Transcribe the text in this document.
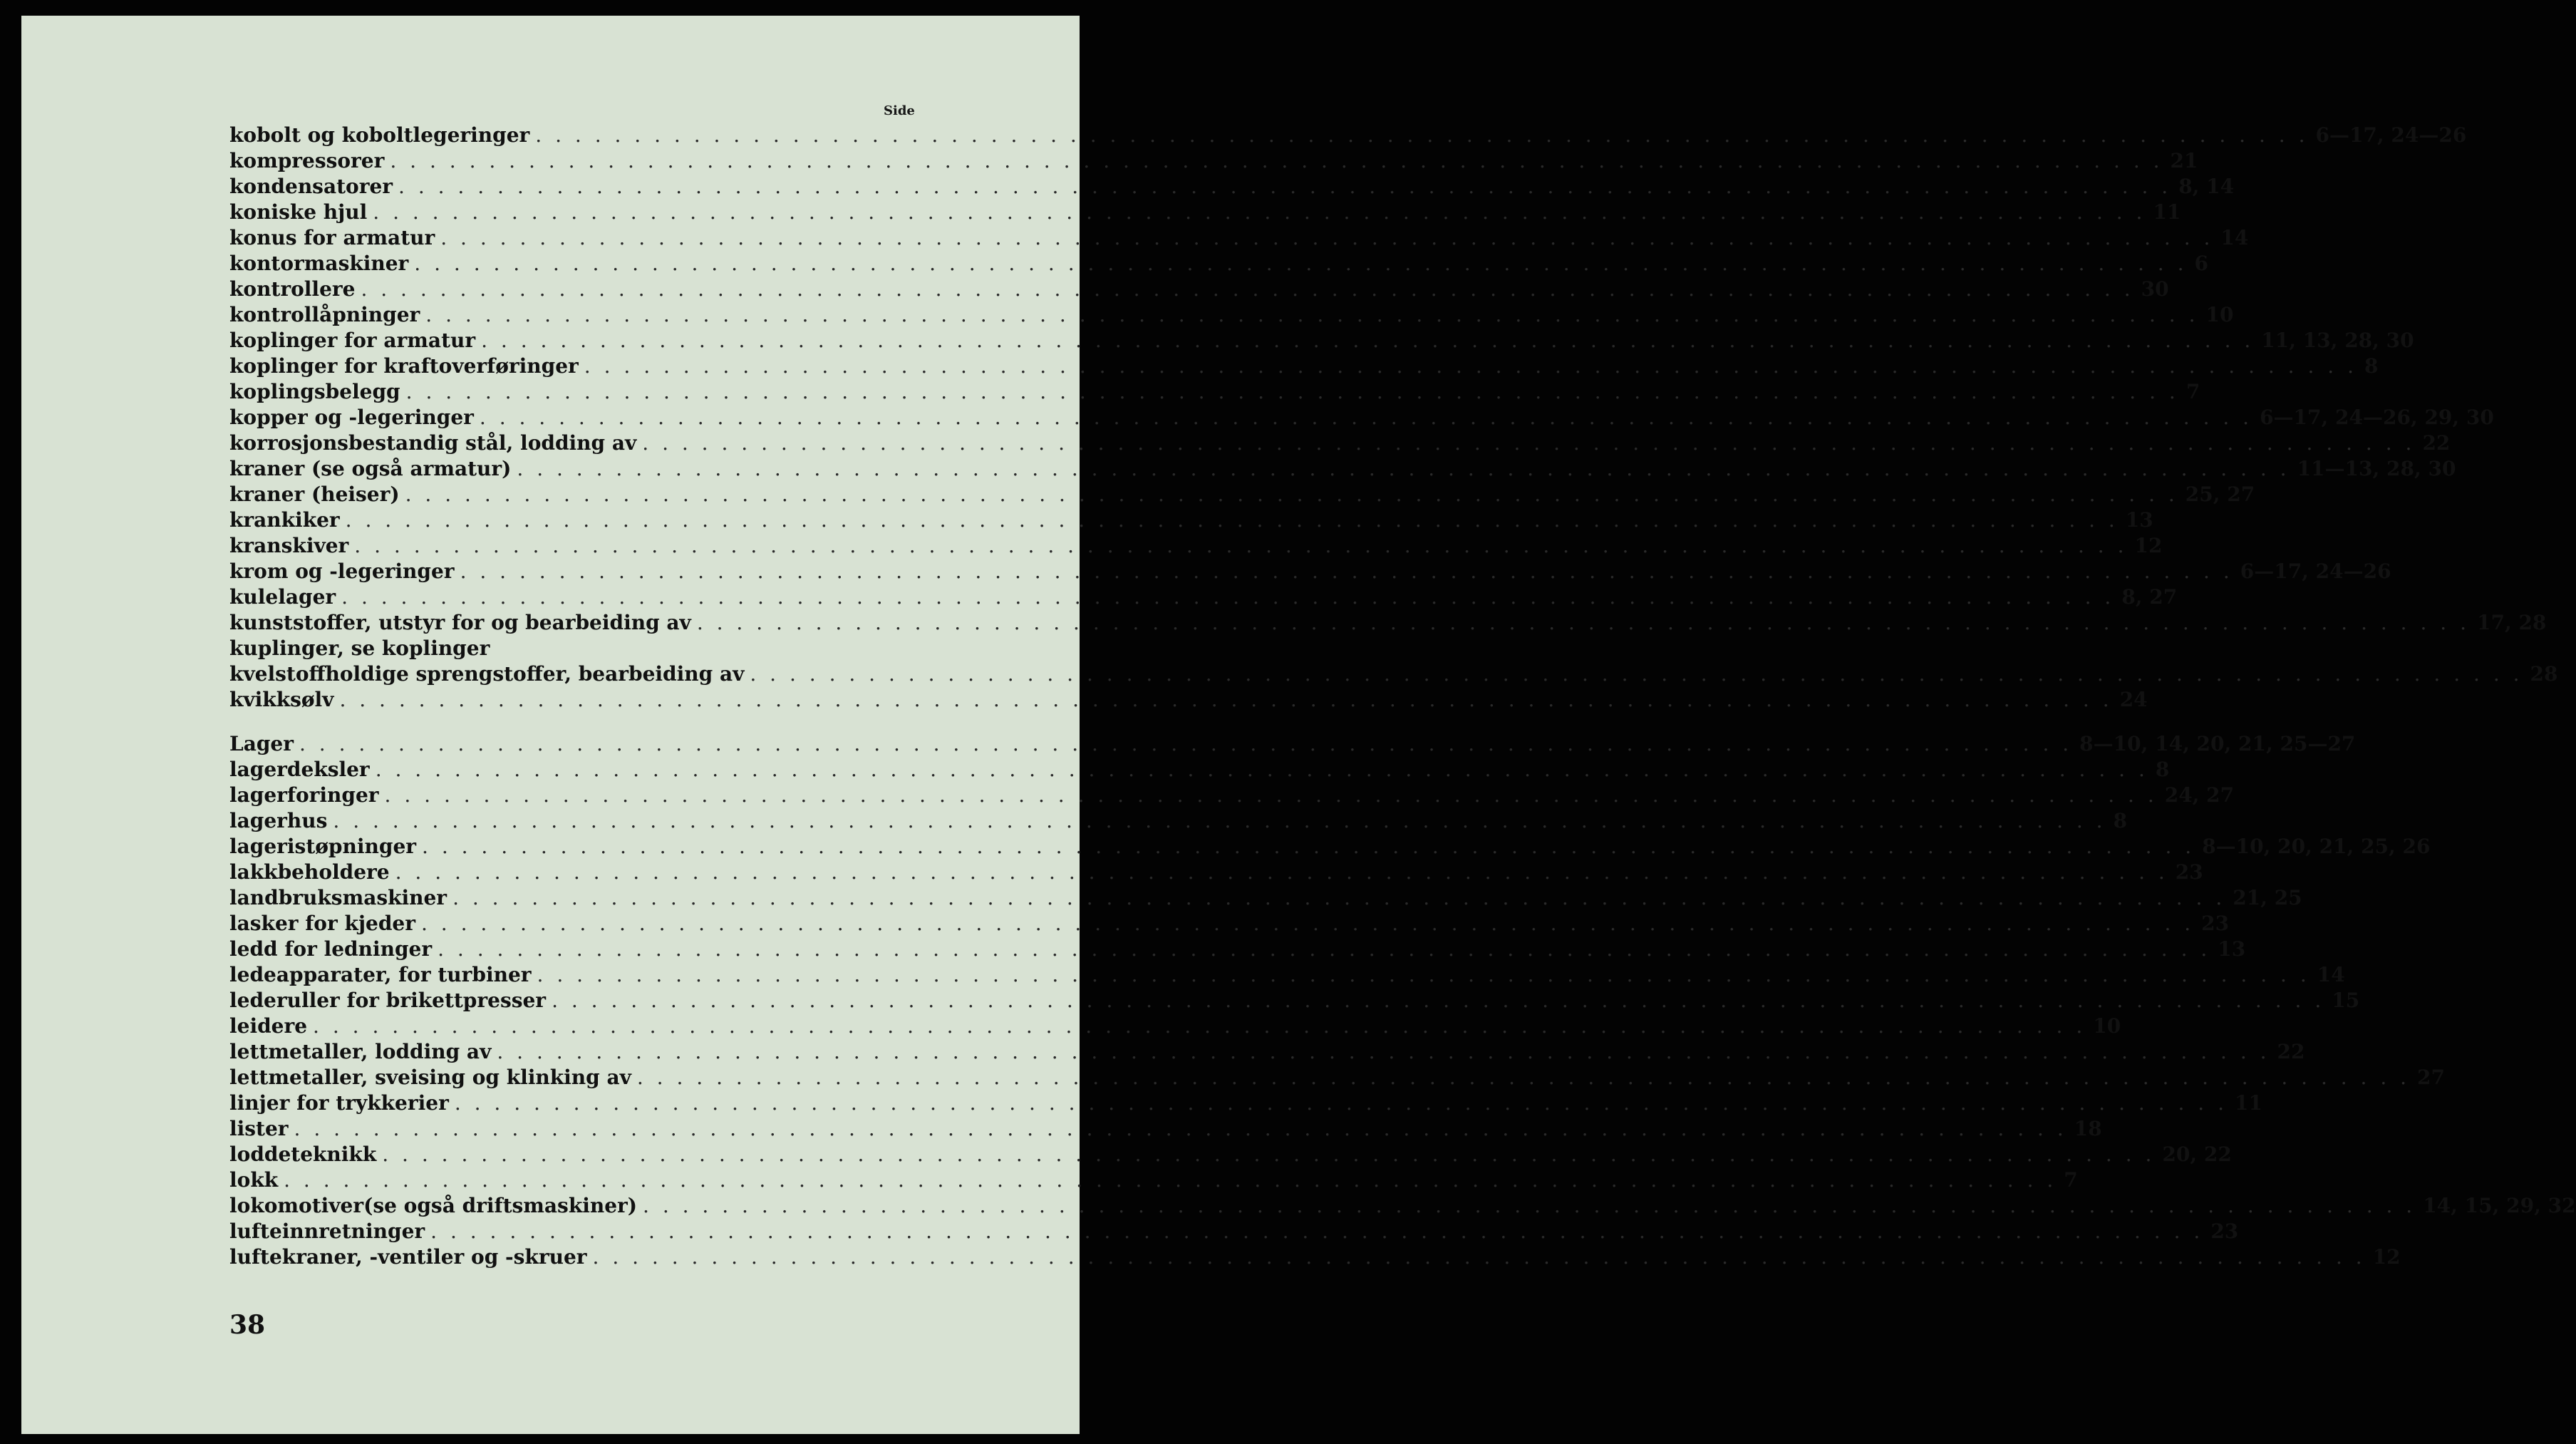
Side
kobolt og koboltlegeringer . . . . . . . . . . . . . . . . . . . . . . . . . . . . . . . . . . . . . . . . . . . . . . . . . . . . . . . . . . . . . . . . . . . . . . . . . . . . . . . . . . . . . . . . . . 6—17, 24—26
kompressorer . . . . . . . . . . . . . . . . . . . . . . . . . . . . . . . . . . . . . . . . . . . . . . . . . . . . . . . . . . . . . . . . . . . . . . . . . . . . . . . . . . . . . . . . . . 21
kondensatorer . . . . . . . . . . . . . . . . . . . . . . . . . . . . . . . . . . . . . . . . . . . . . . . . . . . . . . . . . . . . . . . . . . . . . . . . . . . . . . . . . . . . . . . . . . 8, 14
koniske hjul . . . . . . . . . . . . . . . . . . . . . . . . . . . . . . . . . . . . . . . . . . . . . . . . . . . . . . . . . . . . . . . . . . . . . . . . . . . . . . . . . . . . . . . . . . 11
konus for armatur . . . . . . . . . . . . . . . . . . . . . . . . . . . . . . . . . . . . . . . . . . . . . . . . . . . . . . . . . . . . . . . . . . . . . . . . . . . . . . . . . . . . . . . . . . 14
kontormaskiner . . . . . . . . . . . . . . . . . . . . . . . . . . . . . . . . . . . . . . . . . . . . . . . . . . . . . . . . . . . . . . . . . . . . . . . . . . . . . . . . . . . . . . . . . . 6
kontrollere . . . . . . . . . . . . . . . . . . . . . . . . . . . . . . . . . . . . . . . . . . . . . . . . . . . . . . . . . . . . . . . . . . . . . . . . . . . . . . . . . . . . . . . . . . 30
kontrollåpninger . . . . . . . . . . . . . . . . . . . . . . . . . . . . . . . . . . . . . . . . . . . . . . . . . . . . . . . . . . . . . . . . . . . . . . . . . . . . . . . . . . . . . . . . . . 10
koplinger for armatur . . . . . . . . . . . . . . . . . . . . . . . . . . . . . . . . . . . . . . . . . . . . . . . . . . . . . . . . . . . . . . . . . . . . . . . . . . . . . . . . . . . . . . . . . . 11, 13, 28, 30
koplinger for kraftoverføringer . . . . . . . . . . . . . . . . . . . . . . . . . . . . . . . . . . . . . . . . . . . . . . . . . . . . . . . . . . . . . . . . . . . . . . . . . . . . . . . . . . . . . . . . . . 8
koplingsbelegg . . . . . . . . . . . . . . . . . . . . . . . . . . . . . . . . . . . . . . . . . . . . . . . . . . . . . . . . . . . . . . . . . . . . . . . . . . . . . . . . . . . . . . . . . . 7
kopper og -legeringer . . . . . . . . . . . . . . . . . . . . . . . . . . . . . . . . . . . . . . . . . . . . . . . . . . . . . . . . . . . . . . . . . . . . . . . . . . . . . . . . . . . . . . . . . . 6—17, 24—26, 29, 30
korrosjonsbestandig stål, lodding av . . . . . . . . . . . . . . . . . . . . . . . . . . . . . . . . . . . . . . . . . . . . . . . . . . . . . . . . . . . . . . . . . . . . . . . . . . . . . . . . . . . . . . . . . . 22
kraner (se også armatur) . . . . . . . . . . . . . . . . . . . . . . . . . . . . . . . . . . . . . . . . . . . . . . . . . . . . . . . . . . . . . . . . . . . . . . . . . . . . . . . . . . . . . . . . . . 11—13, 28, 30
kraner (heiser) . . . . . . . . . . . . . . . . . . . . . . . . . . . . . . . . . . . . . . . . . . . . . . . . . . . . . . . . . . . . . . . . . . . . . . . . . . . . . . . . . . . . . . . . . . 25, 27
krankiker . . . . . . . . . . . . . . . . . . . . . . . . . . . . . . . . . . . . . . . . . . . . . . . . . . . . . . . . . . . . . . . . . . . . . . . . . . . . . . . . . . . . . . . . . . 13
kranskiver . . . . . . . . . . . . . . . . . . . . . . . . . . . . . . . . . . . . . . . . . . . . . . . . . . . . . . . . . . . . . . . . . . . . . . . . . . . . . . . . . . . . . . . . . . 12
krom og -legeringer . . . . . . . . . . . . . . . . . . . . . . . . . . . . . . . . . . . . . . . . . . . . . . . . . . . . . . . . . . . . . . . . . . . . . . . . . . . . . . . . . . . . . . . . . . 6—17, 24—26
kulelager . . . . . . . . . . . . . . . . . . . . . . . . . . . . . . . . . . . . . . . . . . . . . . . . . . . . . . . . . . . . . . . . . . . . . . . . . . . . . . . . . . . . . . . . . . 8, 27
kunststoffer, utstyr for og bearbeiding av . . . . . . . . . . . . . . . . . . . . . . . . . . . . . . . . . . . . . . . . . . . . . . . . . . . . . . . . . . . . . . . . . . . . . . . . . . . . . . . . . . . . . . . . . . 17, 28
kuplinger, se koplinger
kvelstoffholdige sprengstoffer, bearbeiding av . . . . . . . . . . . . . . . . . . . . . . . . . . . . . . . . . . . . . . . . . . . . . . . . . . . . . . . . . . . . . . . . . . . . . . . . . . . . . . . . . . . . . . . . . . 28
kvikksølv . . . . . . . . . . . . . . . . . . . . . . . . . . . . . . . . . . . . . . . . . . . . . . . . . . . . . . . . . . . . . . . . . . . . . . . . . . . . . . . . . . . . . . . . . . 24
Lager . . . . . . . . . . . . . . . . . . . . . . . . . . . . . . . . . . . . . . . . . . . . . . . . . . . . . . . . . . . . . . . . . . . . . . . . . . . . . . . . . . . . . . . . . . 8—10, 14, 20, 21, 25—27
lagerdeksler . . . . . . . . . . . . . . . . . . . . . . . . . . . . . . . . . . . . . . . . . . . . . . . . . . . . . . . . . . . . . . . . . . . . . . . . . . . . . . . . . . . . . . . . . . 8
lagerforinger . . . . . . . . . . . . . . . . . . . . . . . . . . . . . . . . . . . . . . . . . . . . . . . . . . . . . . . . . . . . . . . . . . . . . . . . . . . . . . . . . . . . . . . . . . 24, 27
lagerhus . . . . . . . . . . . . . . . . . . . . . . . . . . . . . . . . . . . . . . . . . . . . . . . . . . . . . . . . . . . . . . . . . . . . . . . . . . . . . . . . . . . . . . . . . . 8
lageristøpninger . . . . . . . . . . . . . . . . . . . . . . . . . . . . . . . . . . . . . . . . . . . . . . . . . . . . . . . . . . . . . . . . . . . . . . . . . . . . . . . . . . . . . . . . . . 8—10, 20, 21, 25, 26
lakkbeholdere . . . . . . . . . . . . . . . . . . . . . . . . . . . . . . . . . . . . . . . . . . . . . . . . . . . . . . . . . . . . . . . . . . . . . . . . . . . . . . . . . . . . . . . . . . 23
landbruksmaskiner . . . . . . . . . . . . . . . . . . . . . . . . . . . . . . . . . . . . . . . . . . . . . . . . . . . . . . . . . . . . . . . . . . . . . . . . . . . . . . . . . . . . . . . . . . 21, 25
lasker for kjeder . . . . . . . . . . . . . . . . . . . . . . . . . . . . . . . . . . . . . . . . . . . . . . . . . . . . . . . . . . . . . . . . . . . . . . . . . . . . . . . . . . . . . . . . . . 23
ledd for ledninger . . . . . . . . . . . . . . . . . . . . . . . . . . . . . . . . . . . . . . . . . . . . . . . . . . . . . . . . . . . . . . . . . . . . . . . . . . . . . . . . . . . . . . . . . . 13
ledeapparater, for turbiner . . . . . . . . . . . . . . . . . . . . . . . . . . . . . . . . . . . . . . . . . . . . . . . . . . . . . . . . . . . . . . . . . . . . . . . . . . . . . . . . . . . . . . . . . . 14
lederuller for brikettpresser . . . . . . . . . . . . . . . . . . . . . . . . . . . . . . . . . . . . . . . . . . . . . . . . . . . . . . . . . . . . . . . . . . . . . . . . . . . . . . . . . . . . . . . . . . 15
leidere . . . . . . . . . . . . . . . . . . . . . . . . . . . . . . . . . . . . . . . . . . . . . . . . . . . . . . . . . . . . . . . . . . . . . . . . . . . . . . . . . . . . . . . . . . 10
lettmetaller, lodding av . . . . . . . . . . . . . . . . . . . . . . . . . . . . . . . . . . . . . . . . . . . . . . . . . . . . . . . . . . . . . . . . . . . . . . . . . . . . . . . . . . . . . . . . . . 22
lettmetaller, sveising og klinking av . . . . . . . . . . . . . . . . . . . . . . . . . . . . . . . . . . . . . . . . . . . . . . . . . . . . . . . . . . . . . . . . . . . . . . . . . . . . . . . . . . . . . . . . . . 27
linjer for trykkerier . . . . . . . . . . . . . . . . . . . . . . . . . . . . . . . . . . . . . . . . . . . . . . . . . . . . . . . . . . . . . . . . . . . . . . . . . . . . . . . . . . . . . . . . . . 11
lister . . . . . . . . . . . . . . . . . . . . . . . . . . . . . . . . . . . . . . . . . . . . . . . . . . . . . . . . . . . . . . . . . . . . . . . . . . . . . . . . . . . . . . . . . . 18
loddeteknikk . . . . . . . . . . . . . . . . . . . . . . . . . . . . . . . . . . . . . . . . . . . . . . . . . . . . . . . . . . . . . . . . . . . . . . . . . . . . . . . . . . . . . . . . . . 20, 22
lokk . . . . . . . . . . . . . . . . . . . . . . . . . . . . . . . . . . . . . . . . . . . . . . . . . . . . . . . . . . . . . . . . . . . . . . . . . . . . . . . . . . . . . . . . . . 7
lokomotiver(se også driftsmaskiner) . . . . . . . . . . . . . . . . . . . . . . . . . . . . . . . . . . . . . . . . . . . . . . . . . . . . . . . . . . . . . . . . . . . . . . . . . . . . . . . . . . . . . . . . . . 14, 15, 29, 32
lufteinnretninger . . . . . . . . . . . . . . . . . . . . . . . . . . . . . . . . . . . . . . . . . . . . . . . . . . . . . . . . . . . . . . . . . . . . . . . . . . . . . . . . . . . . . . . . . . 23
luftekraner, -ventiler og -skruer . . . . . . . . . . . . . . . . . . . . . . . . . . . . . . . . . . . . . . . . . . . . . . . . . . . . . . . . . . . . . . . . . . . . . . . . . . . . . . . . . . . . . . . . . . 12
38
